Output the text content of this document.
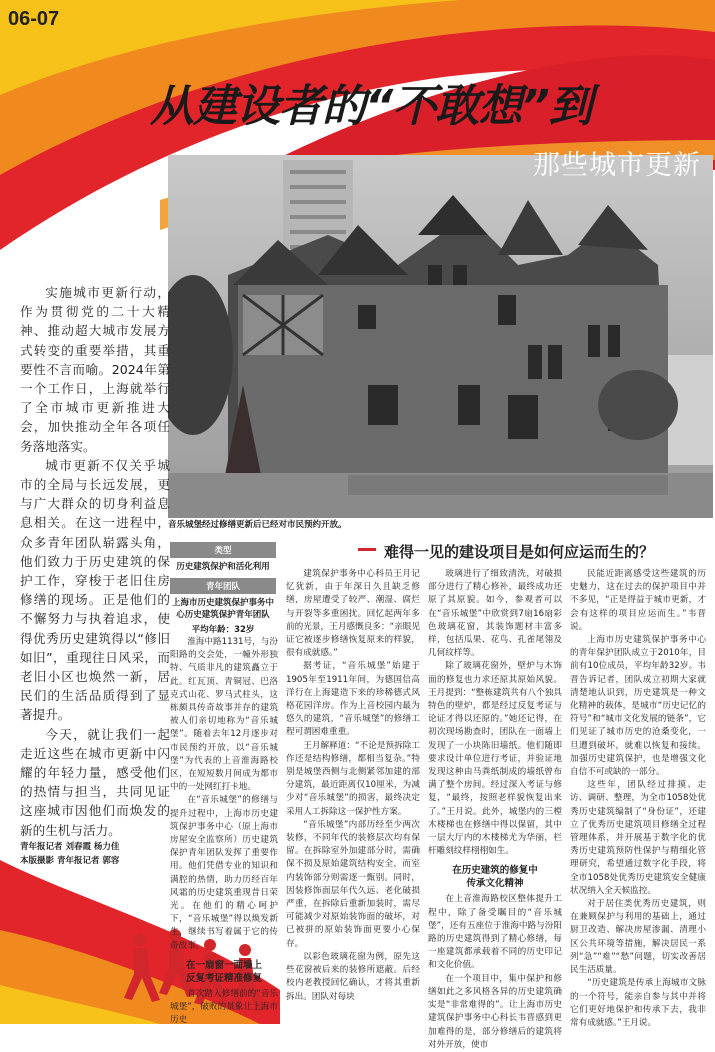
06-07
从建设者的“不敢想”到
那些城市更新
音乐城堡经过修缮更新后已经对市民预约开放。

实施城市更新行动，作为贯彻党的二十大精神、推动超大城市发展方式转变的重要举措，其重要性不言而喻。2024年第一个工作日，上海就举行了全市城市更新推进大会，加快推动全年各项任务落地落实。

城市更新不仅关乎城市的全局与长远发展，更与广大群众的切身利益息息相关。在这一进程中，众多青年团队崭露头角，他们致力于历史建筑的保护工作，穿梭于老旧住房修缮的现场。正是他们的不懈努力与执着追求，使得优秀历史建筑得以“修旧如旧”，重现往日风采，而老旧小区也焕然一新，居民们的生活品质得到了显著提升。

今天，就让我们一起走近这些在城市更新中闪耀的年轻力量，感受他们的热情与担当，共同见证这座城市因他们而焕发的新的生机与活力。

青年报记者 刘春霞 杨力佳

本版摄影 青年报记者 郭容

难得一见的建设项目是如何应运而生的？
类型
历史建筑保护和活化利用
青年团队
上海市历史建筑保护事务中心历史建筑保护青年团队
平均年龄：32岁

淮海中路1131号，与汾阳路的交会处，一幢外形独特、气质非凡的建筑矗立于此。红瓦顶、青铜冠、巴洛克式山花、罗马式柱头，这栋颇具传奇故事并存的建筑被人们亲切地称为“音乐城堡”。随着去年12月逐步对市民预约开放，以“音乐城堡”为代表的上音淮海路校区，在短短数月间成为都市中的一处网红打卡地。

在“音乐城堡”的修缮与提升过程中，上海市历史建筑保护事务中心（原上海市房屋安全监察所）历史建筑保护青年团队发挥了重要作用。他们凭借专业的知识和满腔的热情，助力历经百年风霜的历史建筑重现昔日荣光。在他们的精心呵护下，“音乐城堡”得以焕发新生，继续书写着属于它的传奇故事。

在一扇窗一面墙上
反复考证精准修复

首次踏入修缮前的“音乐城堡”，破败的景象让上海市历史

建筑保护事务中心科员王月记忆犹新，由于年深日久且缺乏修缮，房屋遭受了较严、潮湿、腐烂与开裂等多重困扰。回忆起两年多前的光景，王月感慨良多：“亲眼见证它被逐步修缮恢复原来的样貌，很有成就感。”

据考证，“音乐城堡”始建于1905年至1911年间，为德国信高洋行在上海建造下来的珍稀德式风格花园洋房。作为上音校园内最为悠久的建筑，“音乐城堡”的修缮工程可谓困难重重。

王月解释道：“不论是预拆除工作还是结构修缮，都相当复杂。”特别是城堡西侧与北侧紧邻加建的部分建筑，最近距离仅10厘米，为减少对“音乐城堡”的损害，最终决定采用人工拆除这一保护性方案。

“音乐城堡”内部历经至少两次装修，不同年代的装修层次均有保留。在拆除室外加建部分时，需确保不损及原始建筑结构安全，而室内装饰部分则需逐一甄别。同时，因装修饰面层年代久远、老化破损严重，在拆除后重新加装时，需尽可能减少对原始装饰面的破坏，对已被拼的原始装饰面更要小心保存。

以彩色玻璃花窗为例，原先这些花窗被后来的装修所遮蔽。后经校内老教授回忆确认，才将其重新拆出。团队对每块

玻璃进行了细致清洗，对破损部分进行了精心修补，最终成功还原了其原貌。如今，参观者可以在“音乐城堡”中欣赏到7扇16扇彩色玻璃花窗，其装饰题材丰富多样，包括瓜果、花鸟、孔雀尾翎及几何纹样等。

除了玻璃花窗外，壁炉与木饰面的修复也力求还原其原始风貌。王月提到：“整栋建筑共有八个独具特色的壁炉，都是经过反复考证与论证才得以还原的。”她还记得，在初次现场勘查时，团队在一面墙上发现了一小块陈旧墙纸。他们随即要求设计单位进行考证，并验证地发现这种由马粪纸制成的墙纸曾布满了整个房间。经过深入考证与修复，“最终，按照老样貌恢复出来了。”王月说。此外，城堡内的三樘木楼梯也在修缮中得以保留，其中一层大厅内的木楼梯尤为华丽，栏杆雕刻纹样栩栩如生。

在历史建筑的修复中
传承文化精神

在上音淮海路校区整体提升工程中，除了备受瞩目的“音乐城堡”，还有五座位于淮海中路与汾阳路的历史建筑得到了精心修缮，每一座建筑都承载着不同的历史印记和文化价值。

在一个项目中，集中保护和修缮如此之多风格各异的历史建筑确实是“非常难得的”。让上海市历史建筑保护事务中心科长韦晋感到更加难得的是，部分修缮后的建筑将对外开放，使市

民能近距离感受这些建筑的历史魅力，这在过去的保护项目中并不多见，“正是得益于城市更新，才会有这样的项目应运而生。”韦晋说。

上海市历史建筑保护事务中心的青年保护团队成立于2010年，目前有10位成员，平均年龄32岁。韦晋告诉记者，团队成立初期大家就清楚地认识到，历史建筑是一种文化精神的载体，是城市“历史记忆的符号”和“城市文化发展的链条”，它们见证了城市历史的沧桑变化，一旦遭到破坏，就难以恢复和接续。加强历史建筑保护，也是增强文化自信不可或缺的一部分。

这些年，团队经过排摸、走访、调研、整理，为全市1058处优秀历史建筑编制了“身份证”，还建立了优秀历史建筑项目修缮全过程管理体系，并开展基于数字化的优秀历史建筑预防性保护与精细化管理研究，希望通过数字化手段，将全市1058处优秀历史建筑安全健康状况纳入全天候监控。

对于居住类优秀历史建筑，则在兼顾保护与利用的基础上，通过厨卫改造、解决房屋渗漏、清理小区公共环境等措施，解决居民一系列“急”“难”“愁”问题，切实改善居民生活质量。

“历史建筑是传承上海城市文脉的一个符号，能亲自参与其中并将它们更好地保护和传承下去，我非常有成就感。”王月说。
